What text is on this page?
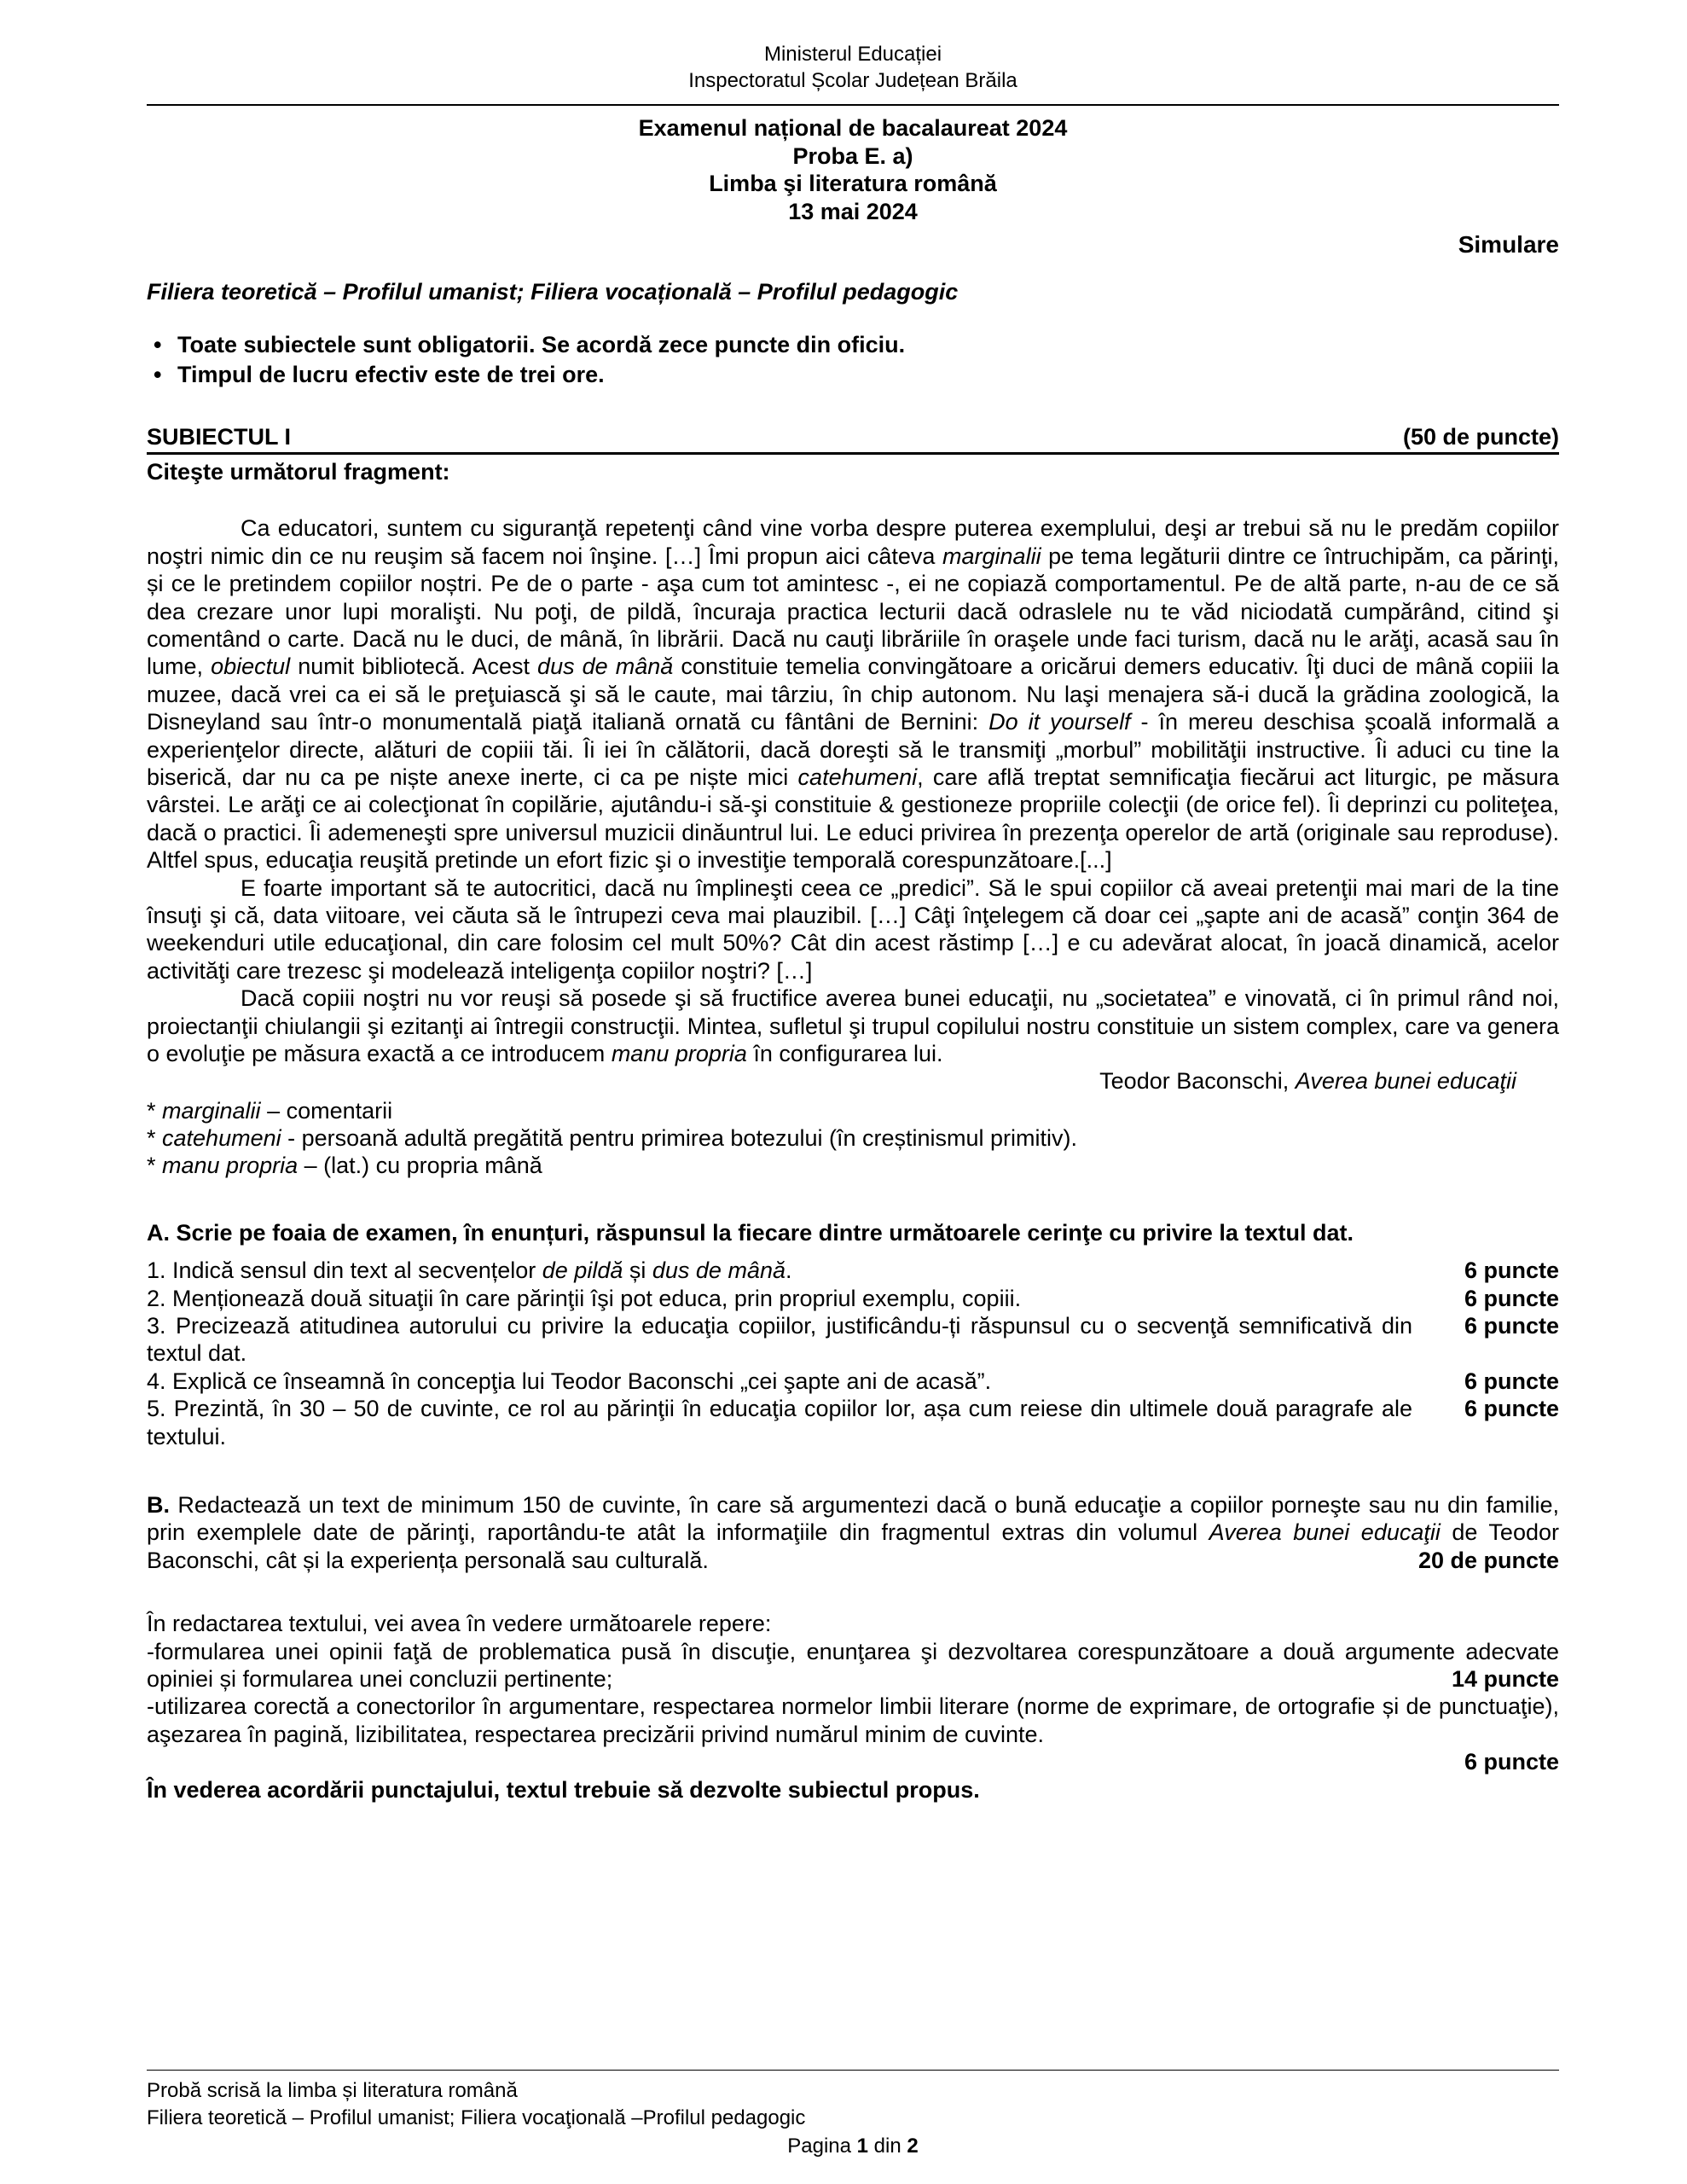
Ministerul Educației
Inspectoratul Școlar Județean Brăila
Examenul național de bacalaureat 2024
Proba E. a)
Limba şi literatura română
13 mai 2024
Simulare
Filiera teoretică – Profilul umanist; Filiera vocațională – Profilul pedagogic
• Toate subiectele sunt obligatorii. Se acordă zece puncte din oficiu.
• Timpul de lucru efectiv este de trei ore.
SUBIECTUL I	(50 de puncte)
Citeşte următorul fragment:

Ca educatori, suntem cu siguranţă repetenţi când vine vorba despre puterea exemplului, deşi ar trebui să nu le predăm copiilor noştri nimic din ce nu reuşim să facem noi înşine. […] Îmi propun aici câteva marginalii pe tema legăturii dintre ce întruchipăm, ca părinţi, și ce le pretindem copiilor noștri. Pe de o parte - aşa cum tot amintesc -, ei ne copiază comportamentul. Pe de altă parte, n-au de ce să dea crezare unor lupi moralişti. Nu poţi, de pildă, încuraja practica lecturii dacă odraslele nu te văd niciodată cumpărând, citind şi comentând o carte. Dacă nu le duci, de mână, în librării. Dacă nu cauţi librăriile în oraşele unde faci turism, dacă nu le arăţi, acasă sau în lume, obiectul numit bibliotecă. Acest dus de mână constituie temelia convingătoare a oricărui demers educativ. Îţi duci de mână copiii la muzee, dacă vrei ca ei să le preţuiască şi să le caute, mai târziu, în chip autonom. Nu laşi menajera să-i ducă la grădina zoologică, la Disneyland sau într-o monumentală piaţă italiană ornată cu fântâni de Bernini: Do it yourself - în mereu deschisa şcoală informală a experienţelor directe, alături de copiii tăi. Îi iei în călătorii, dacă doreşti să le transmiţi „morbul” mobilităţii instructive. Îi aduci cu tine la biserică, dar nu ca pe niște anexe inerte, ci ca pe niște mici catehumeni, care află treptat semnificaţia fiecărui act liturgic, pe măsura vârstei. Le arăţi ce ai colecţionat în copilărie, ajutându-i să-şi constituie & gestioneze propriile colecţii (de orice fel). Îi deprinzi cu politeţea, dacă o practici. Îi ademeneşti spre universul muzicii dinăuntrul lui. Le educi privirea în prezenţa operelor de artă (originale sau reproduse). Altfel spus, educaţia reuşită pretinde un efort fizic şi o investiţie temporală corespunzătoare.[...]

E foarte important să te autocritici, dacă nu împlineşti ceea ce „predici”. Să le spui copiilor că aveai pretenţii mai mari de la tine însuţi şi că, data viitoare, vei căuta să le întrupezi ceva mai plauzibil. […] Câţi înţelegem că doar cei „şapte ani de acasă” conţin 364 de weekenduri utile educaţional, din care folosim cel mult 50%? Cât din acest răstimp […] e cu adevărat alocat, în joacă dinamică, acelor activităţi care trezesc şi modelează inteligenţa copiilor noştri? […]

Dacă copiii noştri nu vor reuşi să posede şi să fructifice averea bunei educaţii, nu „societatea” e vinovată, ci în primul rând noi, proiectanţii chiulangii şi ezitanţi ai întregii construcţii. Mintea, sufletul şi trupul copilului nostru constituie un sistem complex, care va genera o evoluţie pe măsura exactă a ce introducem manu propria în configurarea lui.

Teodor Baconschi, Averea bunei educaţii
* marginalii – comentarii
* catehumeni - persoană adultă pregătită pentru primirea botezului (în creștinismul primitiv).
* manu propria – (lat.) cu propria mână
A. Scrie pe foaia de examen, în enunțuri, răspunsul la fiecare dintre următoarele cerinţe cu privire la textul dat.
1. Indică sensul din text al secvențelor de pildă și dus de mână.	6 puncte
2. Menționează două situaţii în care părinţii îşi pot educa, prin propriul exemplu, copiii.	6 puncte
3. Precizează atitudinea autorului cu privire la educaţia copiilor, justificându-ți răspunsul cu o secvenţă semnificativă din textul dat.
6 puncte
4. Explică ce înseamnă în concepţia lui Teodor Baconschi „cei şapte ani de acasă”.	6 puncte
5. Prezintă, în 30 – 50 de cuvinte, ce rol au părinţii în educaţia copiilor lor, așa cum reiese din ultimele două paragrafe ale textului.
6 puncte

B. Redactează un text de minimum 150 de cuvinte, în care să argumentezi dacă o bună educaţie a copiilor porneşte sau nu din familie, prin exemplele date de părinţi, raportându-te atât la informaţiile din fragmentul extras din volumul Averea bunei educaţii de Teodor Baconschi, cât și la experiența personală sau culturală.	20 de puncte
În redactarea textului, vei avea în vedere următoarele repere:

-formularea unei opinii faţă de problematica pusă în discuţie, enunţarea şi dezvoltarea corespunzătoare a două argumente adecvate opiniei și formularea unei concluzii pertinente;	14 puncte

-utilizarea corectă a conectorilor în argumentare, respectarea normelor limbii literare (norme de exprimare, de ortografie și de punctuaţie), aşezarea în pagină, lizibilitatea, respectarea precizării privind numărul minim de cuvinte.

6 puncte
În vederea acordării punctajului, textul trebuie să dezvolte subiectul propus.
Probă scrisă la limba și literatura română
Filiera teoretică – Profilul umanist; Filiera vocaţională –Profilul pedagogic
Pagina 1 din 2
